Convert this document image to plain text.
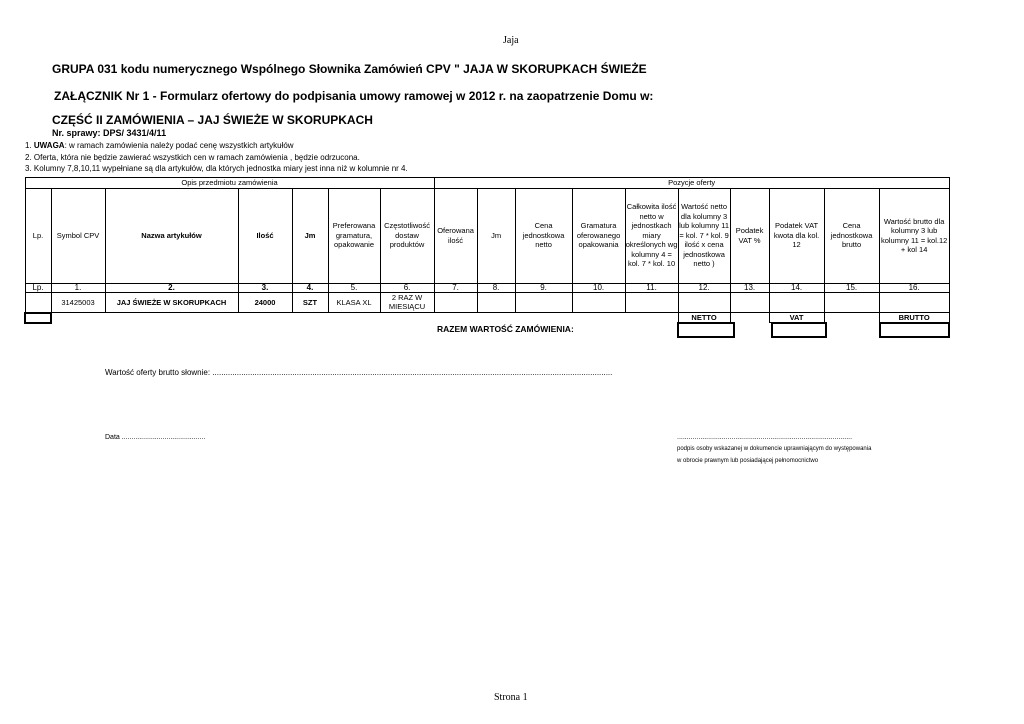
Jaja
GRUPA 031 kodu numerycznego Wspólnego Słownika Zamówień CPV " JAJA W SKORUPKACH ŚWIEŻE
ZAŁĄCZNIK Nr 1 - Formularz ofertowy do podpisania umowy ramowej w 2012 r. na zaopatrzenie Domu w:
CZĘŚĆ II ZAMÓWIENIA – JAJ ŚWIEŻE W SKORUPKACH
Nr. sprawy: DPS/ 3431/4/11
1. UWAGA: w ramach zamówienia należy podać cenę wszystkich artykułów
2. Oferta, która nie będzie zawierać wszystkich cen w ramach zamówienia , będzie odrzucona.
3. Kolumny 7,8,10,11 wypełniane są dla artykułów, dla których jednostka miary jest inna niż w kolumnie nr 4.
Opis przedmiotu zamówienia							Pozycje oferty									
Lp.	Symbol CPV	Nazwa artykułów	Ilość	Jm	Preferowana gramatura, opakowanie	Częstotliwość dostaw produktów	Oferowana ilość	Jm	Cena jednostkowa netto	Gramatura oferowanego opakowania	Całkowita ilość netto w jednostkach miary określonych wg kolumny 4 = kol. 7 * kol. 10	Wartość netto dla kolumny 3 lub kolumny 11 = kol. 7 * kol. 9 ilość x cena jednostkowa netto )	Podatek VAT %	Podatek VAT kwota dla kol. 12	Cena jednostkowa brutto	Wartość brutto dla kolumny 3 lub kolumny 11 = kol.12 + kol 14
Lp.	1.	2.	3.	4.	5.	6.	7.	8.	9.	10.	11.	12.	13.	14.	15.	16.
	31425003	JAJ ŚWIEŻE W SKORUPKACH	24000	SZT	KLASA XL	2 RAZ W MIESIĄCU										
												NETTO		VAT		BRUTTO
RAZEM WARTOŚĆ ZAMÓWIENIA:
Wartość oferty brutto słownie: ....................................................................................................................................................................................
Data ...........................................	..........................................................................................
podpis osoby wskazanej w dokumencie uprawniającym do występowania
w obrocie prawnym lub posiadającej pełnomocnictwo
Strona 1
